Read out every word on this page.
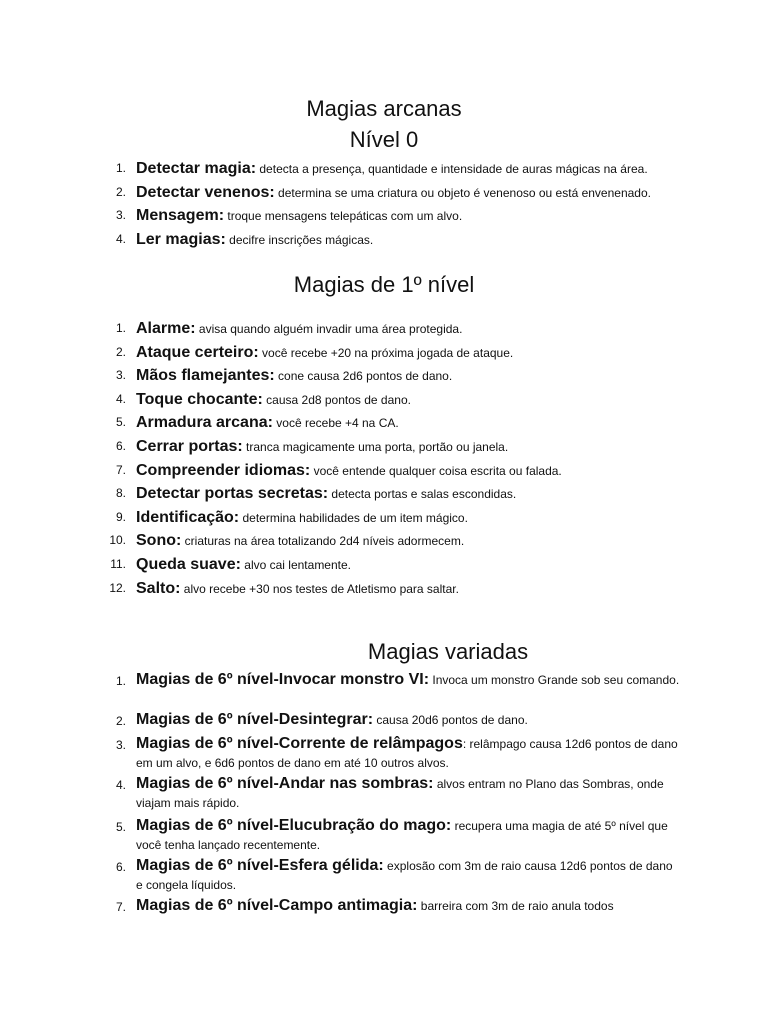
Magias arcanas
Nível 0
1. Detectar magia: detecta a presença, quantidade e intensidade de auras mágicas na área.
2. Detectar venenos: determina se uma criatura ou objeto é venenoso ou está envenenado.
3. Mensagem: troque mensagens telepáticas com um alvo.
4. Ler magias: decifre inscrições mágicas.
Magias de 1º nível
1. Alarme: avisa quando alguém invadir uma área protegida.
2. Ataque certeiro: você recebe +20 na próxima jogada de ataque.
3. Mãos flamejantes: cone causa 2d6 pontos de dano.
4. Toque chocante: causa 2d8 pontos de dano.
5. Armadura arcana: você recebe +4 na CA.
6. Cerrar portas: tranca magicamente uma porta, portão ou janela.
7. Compreender idiomas: você entende qualquer coisa escrita ou falada.
8. Detectar portas secretas: detecta portas e salas escondidas.
9. Identificação: determina habilidades de um item mágico.
10. Sono: criaturas na área totalizando 2d4 níveis adormecem.
11. Queda suave: alvo cai lentamente.
12. Salto: alvo recebe +30 nos testes de Atletismo para saltar.
Magias variadas
1. Magias de 6º nível-Invocar monstro VI: Invoca um monstro Grande sob seu comando.
2. Magias de 6º nível-Desintegrar: causa 20d6 pontos de dano.
3. Magias de 6º nível-Corrente de relâmpagos: relâmpago causa 12d6 pontos de dano em um alvo, e 6d6 pontos de dano em até 10 outros alvos.
4. Magias de 6º nível-Andar nas sombras: alvos entram no Plano das Sombras, onde viajam mais rápido.
5. Magias de 6º nível-Elucubração do mago: recupera uma magia de até 5º nível que você tenha lançado recentemente.
6. Magias de 6º nível-Esfera gélida: explosão com 3m de raio causa 12d6 pontos de dano e congela líquidos.
7. Magias de 6º nível-Campo antimagia: barreira com 3m de raio anula todos
